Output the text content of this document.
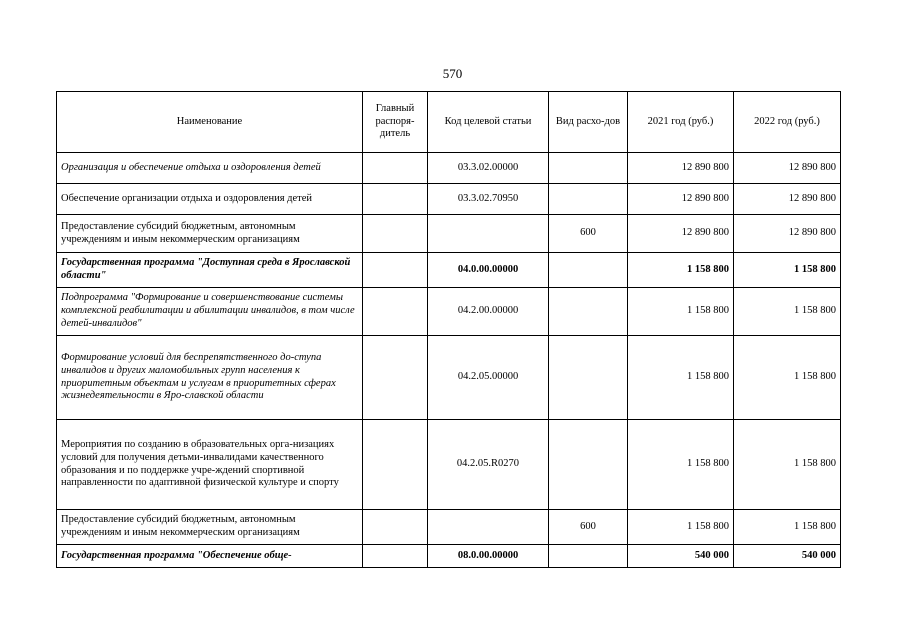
570
Наименование	Главный распоря-дитель	Код целевой статьи	Вид расхо-дов	2021 год (руб.)	2022 год (руб.)
Организация и обеспечение отдыха и оздоровления детей		03.3.02.00000		12 890 800	12 890 800
Обеспечение организации отдыха и оздоровления детей		03.3.02.70950		12 890 800	12 890 800
Предоставление субсидий бюджетным, автономным учреждениям и иным некоммерческим организациям			600	12 890 800	12 890 800
Государственная программа "Доступная среда в Ярославской области"		04.0.00.00000		1 158 800	1 158 800
Подпрограмма "Формирование и совершенствование системы комплексной реабилитации и абилитации инвалидов, в том числе детей-инвалидов"		04.2.00.00000		1 158 800	1 158 800
Формирование условий для беспрепятственного до-ступа инвалидов и других маломобильных групп населения к приоритетным объектам и услугам в приоритетных сферах жизнедеятельности в Яро-славской области		04.2.05.00000		1 158 800	1 158 800
Мероприятия по созданию в образовательных орга-низациях условий для получения детьми-инвалидами качественного образования и по поддержке учре-ждений спортивной направленности по адаптивной физической культуре и спорту		04.2.05.R0270		1 158 800	1 158 800
Предоставление субсидий бюджетным, автономным учреждениям и иным некоммерческим организациям			600	1 158 800	1 158 800
Государственная программа "Обеспечение обще-		08.0.00.00000		540 000	540 000
